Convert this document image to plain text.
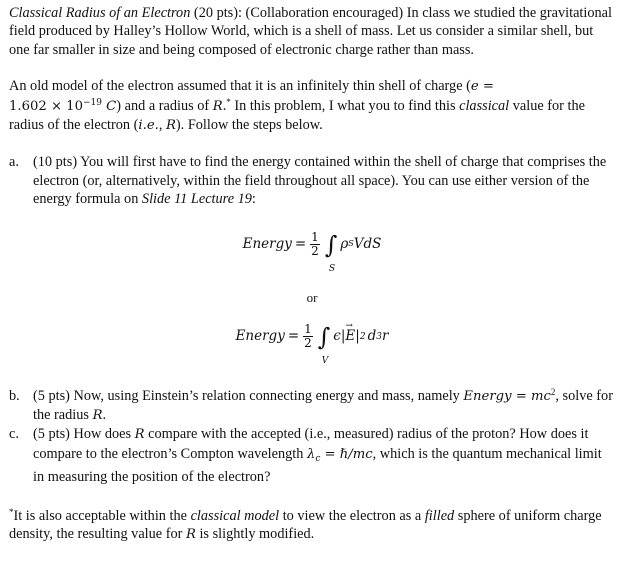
Classical Radius of an Electron (20 pts): (Collaboration encouraged) In class we studied the gravitational field produced by Halley’s Hollow World, which is a shell of mass. Let us consider a similar shell, but one far smaller in size and being composed of electronic charge rather than mass.

An old model of the electron assumed that it is an infinitely thin shell of charge (e =
$1.602 \times 10^{-19}$ C) and a radius of R.* In this problem, I what you to find this classical value for the radius of the electron (i.e., R). Follow the steps below.

a. (10 pts) You will first have to find the energy contained within the shell of charge that comprises the electron (or, alternatively, within the field throughout all space). You can use either version of the energy formula on Slide 11 Lecture 19:
Energy = $\frac{1}{2}$ ∫
S
ρ S VdS
or
Energy = $\frac{1}{2}$ ∫
V
ϵ |
→ E | 2 d 3 r
b. (5 pts) Now, using Einstein’s relation connecting energy and mass, namely Energy = $mc^2$, solve for the radius R.
c. (5 pts) How does R compare with the accepted (i.e., measured) radius of the proton? How does it compare to the electron’s Compton wavelength $\lambda_c$ = ℏ/mc, which is the quantum mechanical limit in measuring the position of the electron?

*It is also acceptable within the classical model to view the electron as a filled sphere of uniform charge density, the resulting value for R is slightly modified.
